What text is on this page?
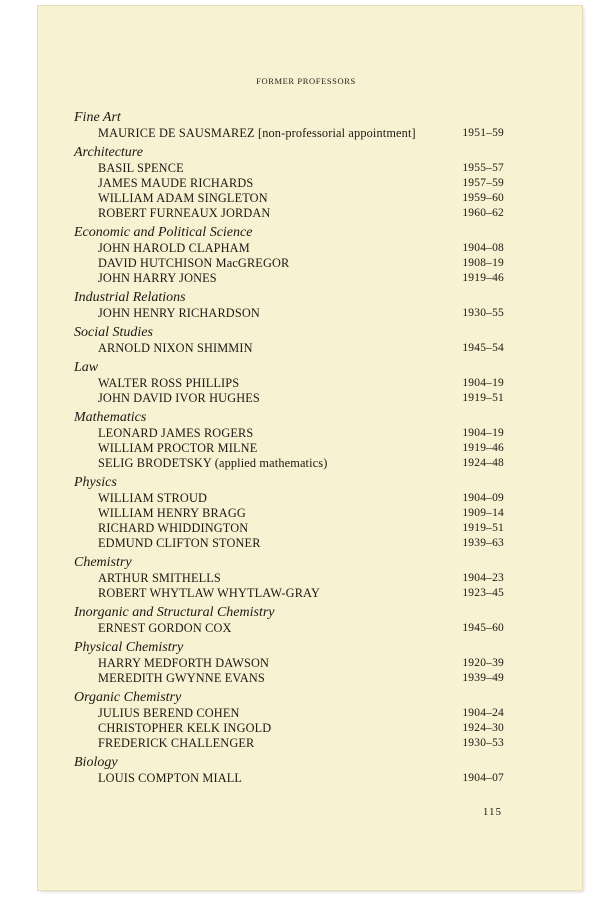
FORMER PROFESSORS
Fine Art
MAURICE DE SAUSMAREZ [non-professorial appointment]	1951–59
Architecture
BASIL SPENCE	1955–57
JAMES MAUDE RICHARDS	1957–59
WILLIAM ADAM SINGLETON	1959–60
ROBERT FURNEAUX JORDAN	1960–62
Economic and Political Science
JOHN HAROLD CLAPHAM	1904–08
DAVID HUTCHISON MacGREGOR	1908–19
JOHN HARRY JONES	1919–46
Industrial Relations
JOHN HENRY RICHARDSON	1930–55
Social Studies
ARNOLD NIXON SHIMMIN	1945–54
Law
WALTER ROSS PHILLIPS	1904–19
JOHN DAVID IVOR HUGHES	1919–51
Mathematics
LEONARD JAMES ROGERS	1904–19
WILLIAM PROCTOR MILNE	1919–46
SELIG BRODETSKY (applied mathematics)	1924–48
Physics
WILLIAM STROUD	1904–09
WILLIAM HENRY BRAGG	1909–14
RICHARD WHIDDINGTON	1919–51
EDMUND CLIFTON STONER	1939–63
Chemistry
ARTHUR SMITHELLS	1904–23
ROBERT WHYTLAW WHYTLAW-GRAY	1923–45
Inorganic and Structural Chemistry
ERNEST GORDON COX	1945–60
Physical Chemistry
HARRY MEDFORTH DAWSON	1920–39
MEREDITH GWYNNE EVANS	1939–49
Organic Chemistry
JULIUS BEREND COHEN	1904–24
CHRISTOPHER KELK INGOLD	1924–30
FREDERICK CHALLENGER	1930–53
Biology
LOUIS COMPTON MIALL	1904–07
115
